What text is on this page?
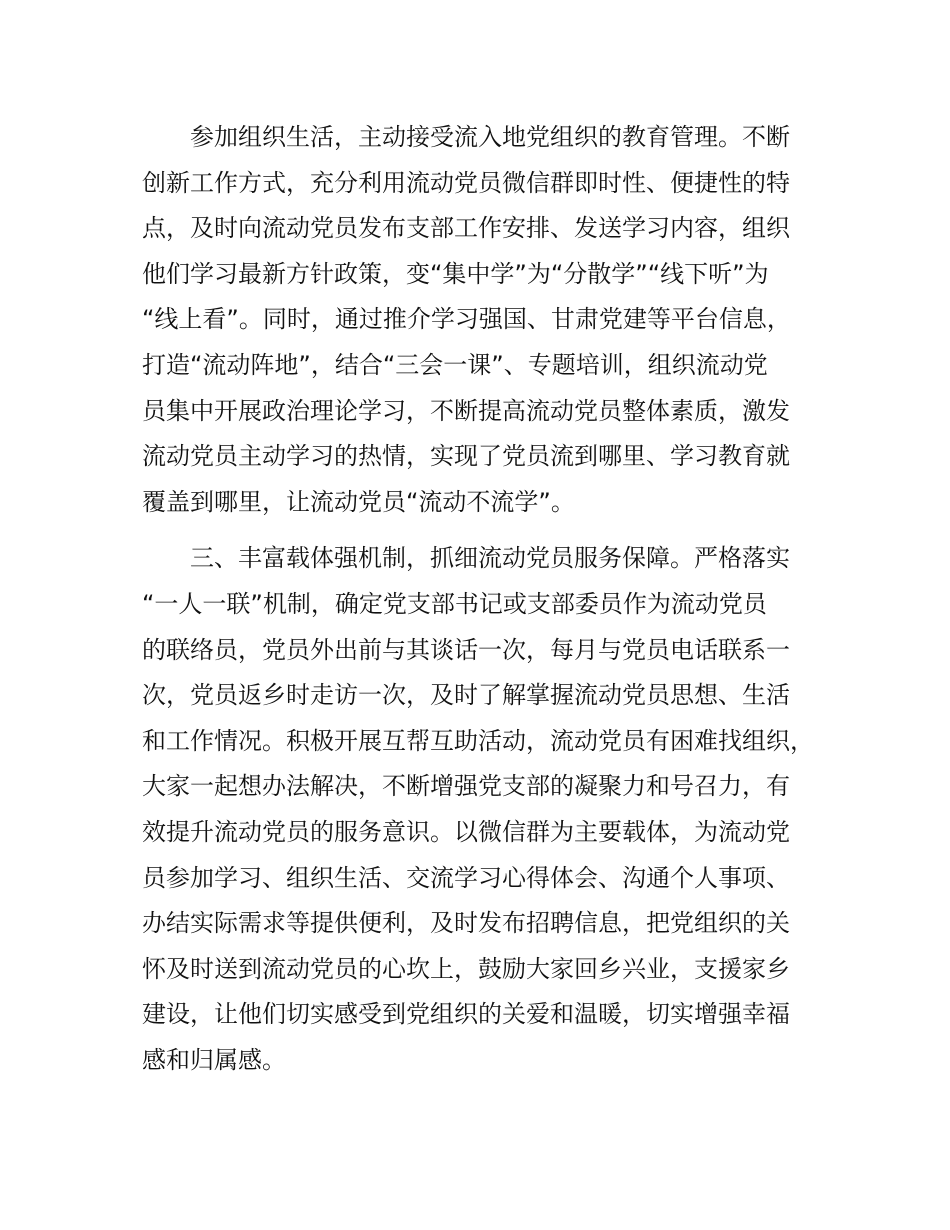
参加组织生活，主动接受流入地党组织的教育管理。不断
创新工作方式，充分利用流动党员微信群即时性、便捷性的特
点，及时向流动党员发布支部工作安排、发送学习内容，组织
他们学习最新方针政策，变“集中学”为“分散学”“线下听”为
“线上看”。同时，通过推介学习强国、甘肃党建等平台信息，
打造“流动阵地”，结合“三会一课”、专题培训，组织流动党
员集中开展政治理论学习，不断提高流动党员整体素质，激发
流动党员主动学习的热情，实现了党员流到哪里、学习教育就
覆盖到哪里，让流动党员“流动不流学”。
三、丰富载体强机制，抓细流动党员服务保障。严格落实
“一人一联”机制，确定党支部书记或支部委员作为流动党员
的联络员，党员外出前与其谈话一次，每月与党员电话联系一
次，党员返乡时走访一次，及时了解掌握流动党员思想、生活
和工作情况。积极开展互帮互助活动，流动党员有困难找组织，
大家一起想办法解决，不断增强党支部的凝聚力和号召力，有
效提升流动党员的服务意识。以微信群为主要载体，为流动党
员参加学习、组织生活、交流学习心得体会、沟通个人事项、
办结实际需求等提供便利，及时发布招聘信息，把党组织的关
怀及时送到流动党员的心坎上，鼓励大家回乡兴业，支援家乡
建设，让他们切实感受到党组织的关爱和温暖，切实增强幸福
感和归属感。
